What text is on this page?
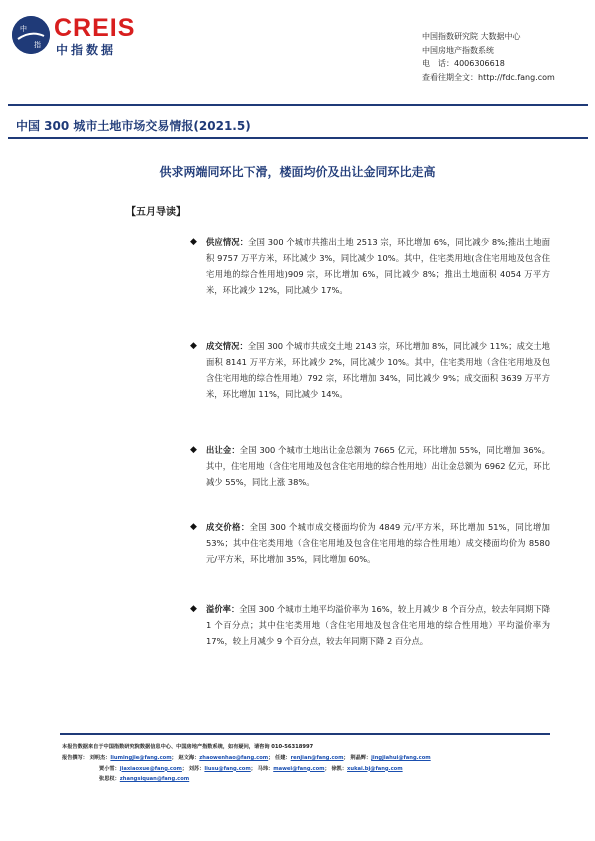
中
指
CREIS
中指数据
中国指数研究院 大数据中心
中国房地产指数系统
电　话：4006306618
查看往期全文：http://fdc.fang.com
中国 300 城市土地市场交易情报(2021.5)
供求两端同环比下滑，楼面均价及出让金同环比走高
【五月导读】
◆ 供应情况：全国 300 个城市共推出土地 2513 宗，环比增加 6%，同比减少 8%;推出土地面积 9757 万平方米，环比减少 3%，同比减少 10%。其中，住宅类用地(含住宅用地及包含住宅用地的综合性用地)909 宗，环比增加 6%，同比减少 8%；推出土地面积 4054 万平方米，环比减少 12%，同比减少 17%。
◆ 成交情况：全国 300 个城市共成交土地 2143 宗，环比增加 8%，同比减少 11%；成交土地面积 8141 万平方米，环比减少 2%，同比减少 10%。其中，住宅类用地（含住宅用地及包含住宅用地的综合性用地）792 宗，环比增加 34%，同比减少 9%；成交面积 3639 万平方米，环比增加 11%，同比减少 14%。
◆ 出让金：全国 300 个城市土地出让金总额为 7665 亿元，环比增加 55%，同比增加 36%。其中，住宅用地（含住宅用地及包含住宅用地的综合性用地）出让金总额为 6962 亿元，环比减少 55%，同比上涨 38%。
◆ 成交价格：全国 300 个城市成交楼面均价为 4849 元/平方米，环比增加 51%，同比增加 53%；其中住宅类用地（含住宅用地及包含住宅用地的综合性用地）成交楼面均价为 8580 元/平方米，环比增加 35%，同比增加 60%。
◆ 溢价率：全国 300 个城市土地平均溢价率为 16%，较上月减少 8 个百分点，较去年同期下降 1 个百分点；其中住宅类用地（含住宅用地及包含住宅用地的综合性用地）平均溢价率为 17%，较上月减少 9 个百分点，较去年同期下降 2 百分点。
本报告数据来自于中国指数研究院数据信息中心、中国房地产指数系统，如有疑问，请咨询 010-56318997
报告撰写： 刘明杰：liumingjie@fang.com； 赵文海：zhaowenhao@fang.com； 任建：renjian@fang.com； 荆晶辉：jingjiahui@fang.com
贾小雪：jiaxiaoxue@fang.com； 刘苏：liusu@fang.com； 马玮：mawei@fang.com； 徐凯：xukai.bj@fang.com
张思权：zhangsiquan@fang.com
